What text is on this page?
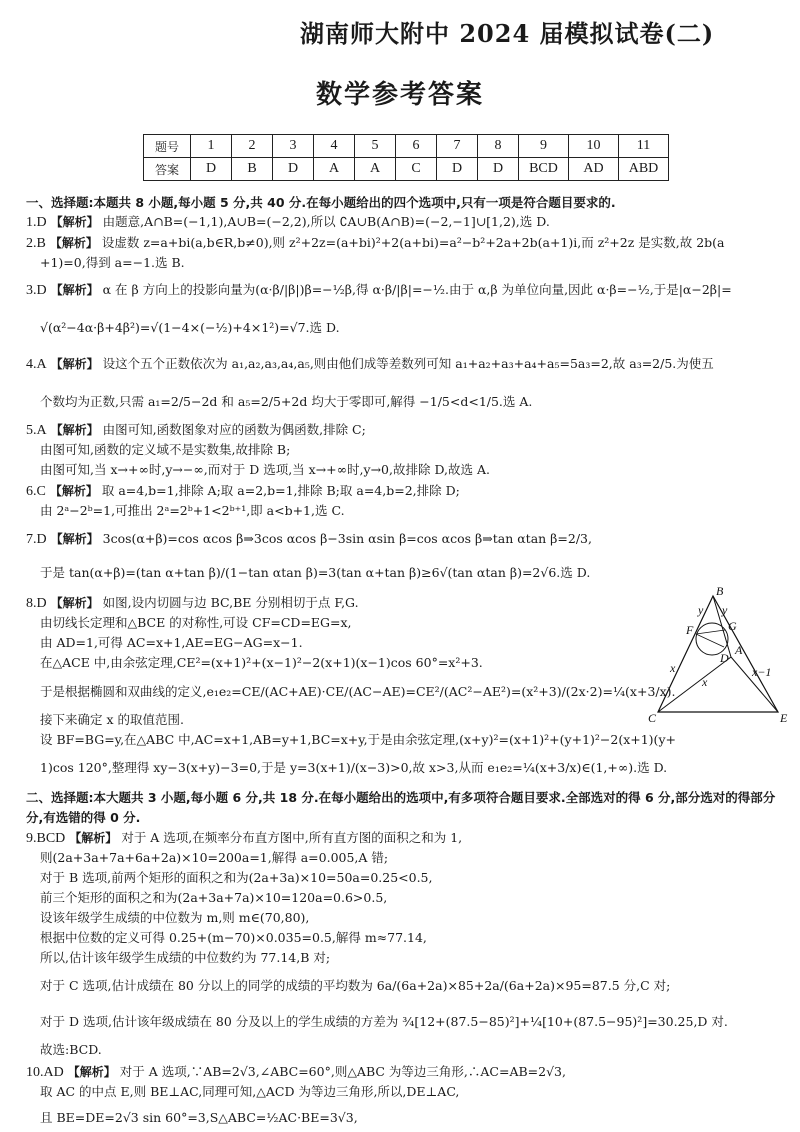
湖南师大附中 2024 届模拟试卷(二)
数学参考答案
题号	1	2	3	4	5	6	7	8	9	10	11
答案	D	B	D	A	A	C	D	D	BCD	AD	ABD
一、选择题:本题共 8 小题,每小题 5 分,共 40 分.在每小题给出的四个选项中,只有一项是符合题目要求的.
1.D 【解析】 由题意,A∩B=(−1,1),A∪B=(−2,2),所以 ∁A∪B(A∩B)=(−2,−1]∪[1,2),选 D.
2.B 【解析】 设虚数 z=a+bi(a,b∈R,b≠0),则 z²+2z=(a+bi)²+2(a+bi)=a²−b²+2a+2b(a+1)i,而 z²+2z 是实数,故 2b(a
+1)=0,得到 a=−1.选 B.
3.D 【解析】 α 在 β 方向上的投影向量为(α·β/|β|)β=−½β,得 α·β/|β|=−½.由于 α,β 为单位向量,因此 α·β=−½,于是|α−2β|=
√(α²−4α·β+4β²)=√(1−4×(−½)+4×1²)=√7.选 D.
4.A 【解析】 设这个五个正数依次为 a₁,a₂,a₃,a₄,a₅,则由他们成等差数列可知 a₁+a₂+a₃+a₄+a₅=5a₃=2,故 a₃=2/5.为使五
个数均为正数,只需 a₁=2/5−2d 和 a₅=2/5+2d 均大于零即可,解得 −1/5<d<1/5.选 A.
5.A 【解析】 由图可知,函数图象对应的函数为偶函数,排除 C;
由图可知,函数的定义域不是实数集,故排除 B;
由图可知,当 x→+∞时,y→−∞,而对于 D 选项,当 x→+∞时,y→0,故排除 D,故选 A.
6.C 【解析】 取 a=4,b=1,排除 A;取 a=2,b=1,排除 B;取 a=4,b=2,排除 D;
由 2ᵃ−2ᵇ=1,可推出 2ᵃ=2ᵇ+1<2ᵇ⁺¹,即 a<b+1,选 C.
7.D 【解析】 3cos(α+β)=cos αcos β⇒3cos αcos β−3sin αsin β=cos αcos β⇒tan αtan β=2/3,
于是 tan(α+β)=(tan α+tan β)/(1−tan αtan β)=3(tan α+tan β)≥6√(tan αtan β)=2√6.选 D.
8.D 【解析】 如图,设内切圆与边 BC,BE 分别相切于点 F,G.
由切线长定理和△BCE 的对称性,可设 CF=CD=EG=x,
由 AD=1,可得 AC=x+1,AE=EG−AG=x−1.
在△ACE 中,由余弦定理,CE²=(x+1)²+(x−1)²−2(x+1)(x−1)cos 60°=x²+3.
于是根据椭圆和双曲线的定义,e₁e₂=CE/(AC+AE)·CE/(AC−AE)=CE²/(AC²−AE²)=(x²+3)/(2x·2)=¼(x+3/x).
接下来确定 x 的取值范围.
设 BF=BG=y,在△ABC 中,AC=x+1,AB=y+1,BC=x+y,于是由余弦定理,(x+y)²=(x+1)²+(y+1)²−2(x+1)(y+
1)cos 120°,整理得 xy−3(x+y)−3=0,于是 y=3(x+1)/(x−3)>0,故 x>3,从而 e₁e₂=¼(x+3/x)∈(1,+∞).选 D.
B
y y
F	G
A
D
x
x
x−1
C	E
二、选择题:本大题共 3 小题,每小题 6 分,共 18 分.在每小题给出的选项中,有多项符合题目要求.全部选对的得 6 分,部分选对的得部分
分,有选错的得 0 分.
9.BCD 【解析】 对于 A 选项,在频率分布直方图中,所有直方图的面积之和为 1,
则(2a+3a+7a+6a+2a)×10=200a=1,解得 a=0.005,A 错;
对于 B 选项,前两个矩形的面积之和为(2a+3a)×10=50a=0.25<0.5,
前三个矩形的面积之和为(2a+3a+7a)×10=120a=0.6>0.5,
设该年级学生成绩的中位数为 m,则 m∈(70,80),
根据中位数的定义可得 0.25+(m−70)×0.035=0.5,解得 m≈77.14,
所以,估计该年级学生成绩的中位数约为 77.14,B 对;
对于 C 选项,估计成绩在 80 分以上的同学的成绩的平均数为 6a/(6a+2a)×85+2a/(6a+2a)×95=87.5 分,C 对;
对于 D 选项,估计该年级成绩在 80 分及以上的学生成绩的方差为 ¾[12+(87.5−85)²]+¼[10+(87.5−95)²]=30.25,D 对.
故选:BCD.
10.AD 【解析】 对于 A 选项,∵AB=2√3,∠ABC=60°,则△ABC 为等边三角形,∴AC=AB=2√3,
取 AC 的中点 E,则 BE⊥AC,同理可知,△ACD 为等边三角形,所以,DE⊥AC,
且 BE=DE=2√3 sin 60°=3,S△ABC=½AC·BE=3√3,
